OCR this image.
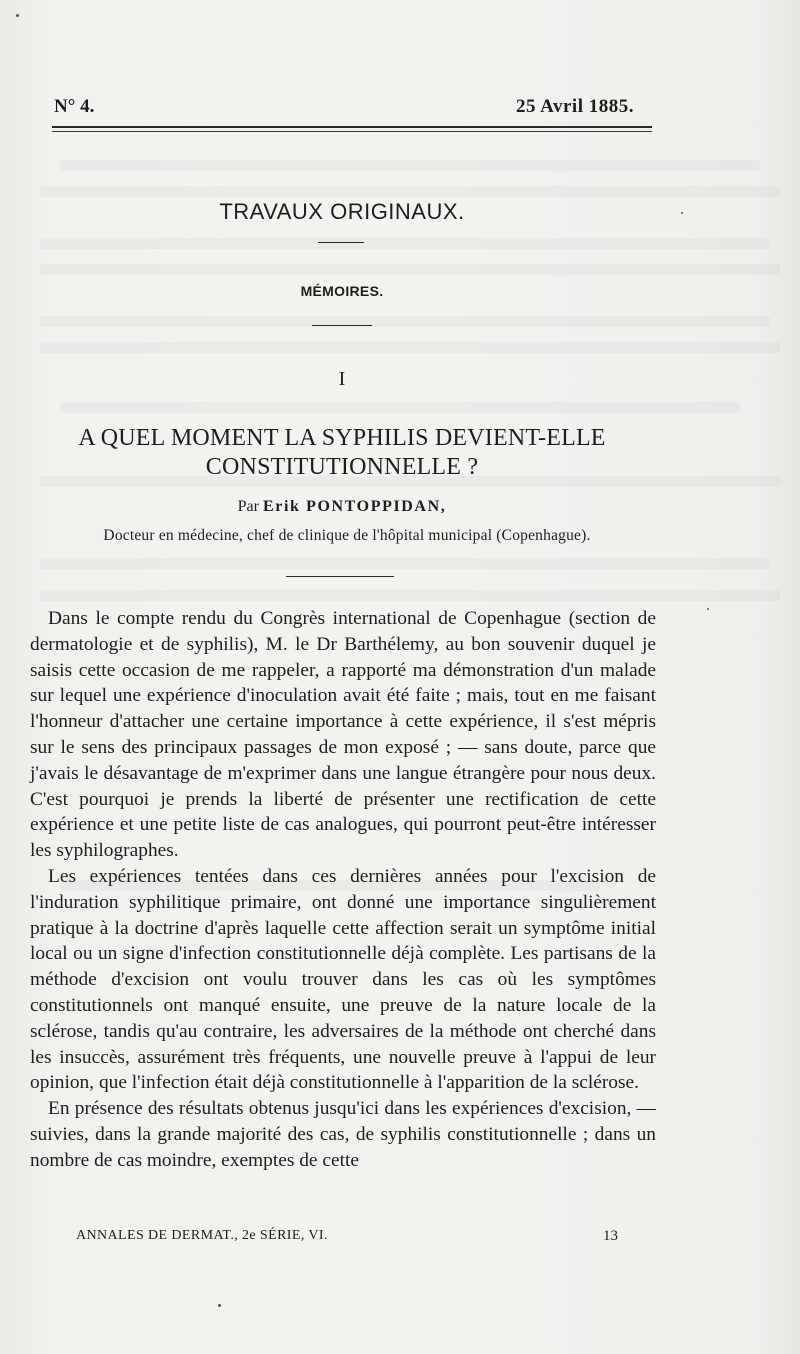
N° 4.	25 Avril 1885.
TRAVAUX ORIGINAUX.
MÉMOIRES.
I
A QUEL MOMENT LA SYPHILIS DEVIENT-ELLE
CONSTITUTIONNELLE ?
Par Erik PONTOPPIDAN,
Docteur en médecine, chef de clinique de l'hôpital municipal (Copenhague).

Dans le compte rendu du Congrès international de Copenhague (section de dermatologie et de syphilis), M. le Dr Barthélemy, au bon souvenir duquel je saisis cette occasion de me rappeler, a rapporté ma démonstration d'un malade sur lequel une expérience d'inoculation avait été faite ; mais, tout en me faisant l'honneur d'attacher une certaine importance à cette expérience, il s'est mépris sur le sens des principaux passages de mon exposé ; — sans doute, parce que j'avais le désavantage de m'exprimer dans une langue étrangère pour nous deux. C'est pourquoi je prends la liberté de présenter une rectification de cette expérience et une petite liste de cas analogues, qui pourront peut-être intéresser les syphilographes.

Les expériences tentées dans ces dernières années pour l'excision de l'induration syphilitique primaire, ont donné une importance singulièrement pratique à la doctrine d'après laquelle cette affection serait un symptôme initial local ou un signe d'infection constitutionnelle déjà complète. Les partisans de la méthode d'excision ont voulu trouver dans les cas où les symptômes constitutionnels ont manqué ensuite, une preuve de la nature locale de la sclérose, tandis qu'au contraire, les adversaires de la méthode ont cherché dans les insuccès, assurément très fréquents, une nouvelle preuve à l'appui de leur opinion, que l'infection était déjà constitutionnelle à l'apparition de la sclérose.

En présence des résultats obtenus jusqu'ici dans les expériences d'excision, — suivies, dans la grande majorité des cas, de syphilis constitutionnelle ; dans un nombre de cas moindre, exemptes de cette

ANNALES DE DERMAT., 2e SÉRIE, VI.	13
